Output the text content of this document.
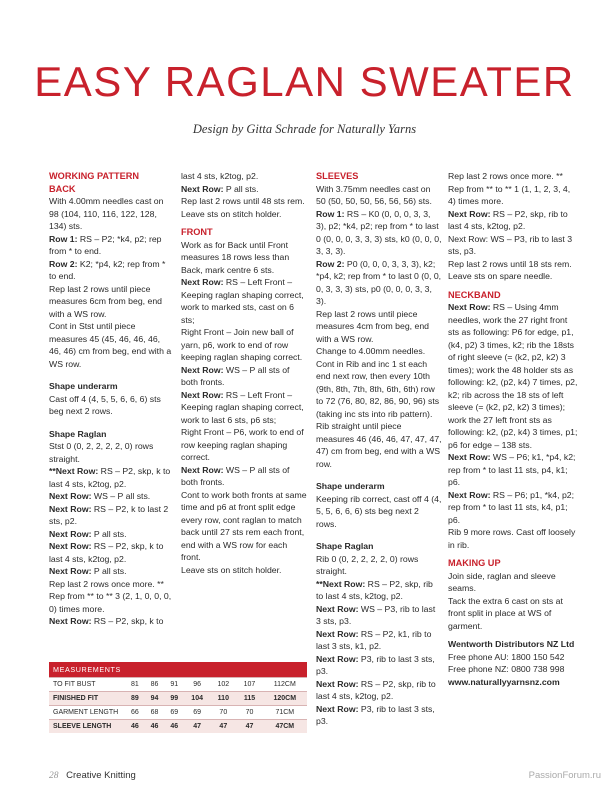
EASY RAGLAN SWEATER
Design by Gitta Schrade for Naturally Yarns

WORKING PATTERN

BACK

With 4.00mm needles cast on 98 (104, 110, 116, 122, 128, 134) sts.

Row 1: RS – P2; *k4, p2; rep from * to end.

Row 2: K2; *p4, k2; rep from * to end.

Rep last 2 rows until piece measures 6cm from beg, end with a WS row.

Cont in Stst until piece measures 45 (45, 46, 46, 46, 46, 46) cm from beg, end with a WS row.

Shape underarm

Cast off 4 (4, 5, 5, 6, 6, 6) sts beg next 2 rows.

Shape Raglan

Stst 0 (0, 2, 2, 2, 2, 0) rows straight.

**Next Row: RS – P2, skp, k to last 4 sts, k2tog, p2.

Next Row: WS – P all sts.

Next Row: RS – P2, k to last 2 sts, p2.

Next Row: P all sts.

Next Row: RS – P2, skp, k to last 4 sts, k2tog, p2.

Next Row: P all sts.

Rep last 2 rows once more. ** Rep from ** to ** 3 (2, 1, 0, 0, 0, 0) times more.

Next Row: RS – P2, skp, k to

last 4 sts, k2tog, p2.

Next Row: P all sts.

Rep last 2 rows until 48 sts rem. Leave sts on stitch holder.

FRONT

Work as for Back until Front measures 18 rows less than Back, mark centre 6 sts.

Next Row: RS – Left Front – Keeping raglan shaping correct, work to marked sts, cast on 6 sts;

Right Front – Join new ball of yarn, p6, work to end of row keeping raglan shaping correct.

Next Row: WS – P all sts of both fronts.

Next Row: RS – Left Front – Keeping raglan shaping correct, work to last 6 sts, p6 sts;

Right Front – P6, work to end of row keeping raglan shaping correct.

Next Row: WS – P all sts of both fronts.

Cont to work both fronts at same time and p6 at front split edge every row, cont raglan to match back until 27 sts rem each front, end with a WS row for each front.

Leave sts on stitch holder.

SLEEVES

With 3.75mm needles cast on 50 (50, 50, 50, 56, 56, 56) sts.

Row 1: RS – K0 (0, 0, 0, 3, 3, 3), p2; *k4, p2; rep from * to last 0 (0, 0, 0, 3, 3, 3) sts, k0 (0, 0, 0, 3, 3, 3).

Row 2: P0 (0, 0, 0, 3, 3, 3), k2; *p4, k2; rep from * to last 0 (0, 0, 0, 3, 3, 3) sts, p0 (0, 0, 0, 3, 3, 3).

Rep last 2 rows until piece measures 4cm from beg, end with a WS row.

Change to 4.00mm needles. Cont in Rib and inc 1 st each end next row, then every 10th (9th, 8th, 7th, 8th, 6th, 6th) row to 72 (76, 80, 82, 86, 90, 96) sts (taking inc sts into rib pattern). Rib straight until piece measures 46 (46, 46, 47, 47, 47, 47) cm from beg, end with a WS row.

Shape underarm

Keeping rib correct, cast off 4 (4, 5, 5, 6, 6, 6) sts beg next 2 rows.

Shape Raglan

Rib 0 (0, 2, 2, 2, 2, 0) rows straight.

**Next Row: RS – P2, skp, rib to last 4 sts, k2tog, p2.

Next Row: WS – P3, rib to last 3 sts, p3.

Next Row: RS – P2, k1, rib to last 3 sts, k1, p2.

Next Row: P3, rib to last 3 sts, p3.

Next Row: RS – P2, skp, rib to last 4 sts, k2tog, p2.

Next Row: P3, rib to last 3 sts, p3.

Rep last 2 rows once more. ** Rep from ** to ** 1 (1, 1, 2, 3, 4, 4) times more.

Next Row: RS – P2, skp, rib to last 4 sts, k2tog, p2.

Next Row: WS – P3, rib to last 3 sts, p3.

Rep last 2 rows until 18 sts rem. Leave sts on spare needle.

NECKBAND

Next Row: RS – Using 4mm needles, work the 27 right front sts as following: P6 for edge, p1, (k4, p2) 3 times, k2; rib the 18sts of right sleeve (= (k2, p2, k2) 3 times); work the 48 holder sts as following: k2, (p2, k4) 7 times, p2, k2; rib across the 18 sts of left sleeve (= (k2, p2, k2) 3 times); work the 27 left front sts as following: k2, (p2, k4) 3 times, p1; p6 for edge – 138 sts.

Next Row: WS – P6; k1, *p4, k2; rep from * to last 11 sts, p4, k1; p6.

Next Row: RS – P6; p1, *k4, p2; rep from * to last 11 sts, k4, p1; p6.

Rib 9 more rows. Cast off loosely in rib.

MAKING UP

Join side, raglan and sleeve seams.

Tack the extra 6 cast on sts at front split in place at WS of garment.

Wentworth Distributors NZ Ltd

Free phone AU: 1800 150 542

Free phone NZ: 0800 738 998

www.naturallyyarnsnz.com

MEASUREMENTS							
TO FIT BUST	81	86	91	96	102	107	112CM
FINISHED FIT	89	94	99	104	110	115	120CM
GARMENT LENGTH	66	68	69	69	70	70	71CM
SLEEVE LENGTH	46	46	46	47	47	47	47CM
28 Creative Knitting	PassionForum.ru
